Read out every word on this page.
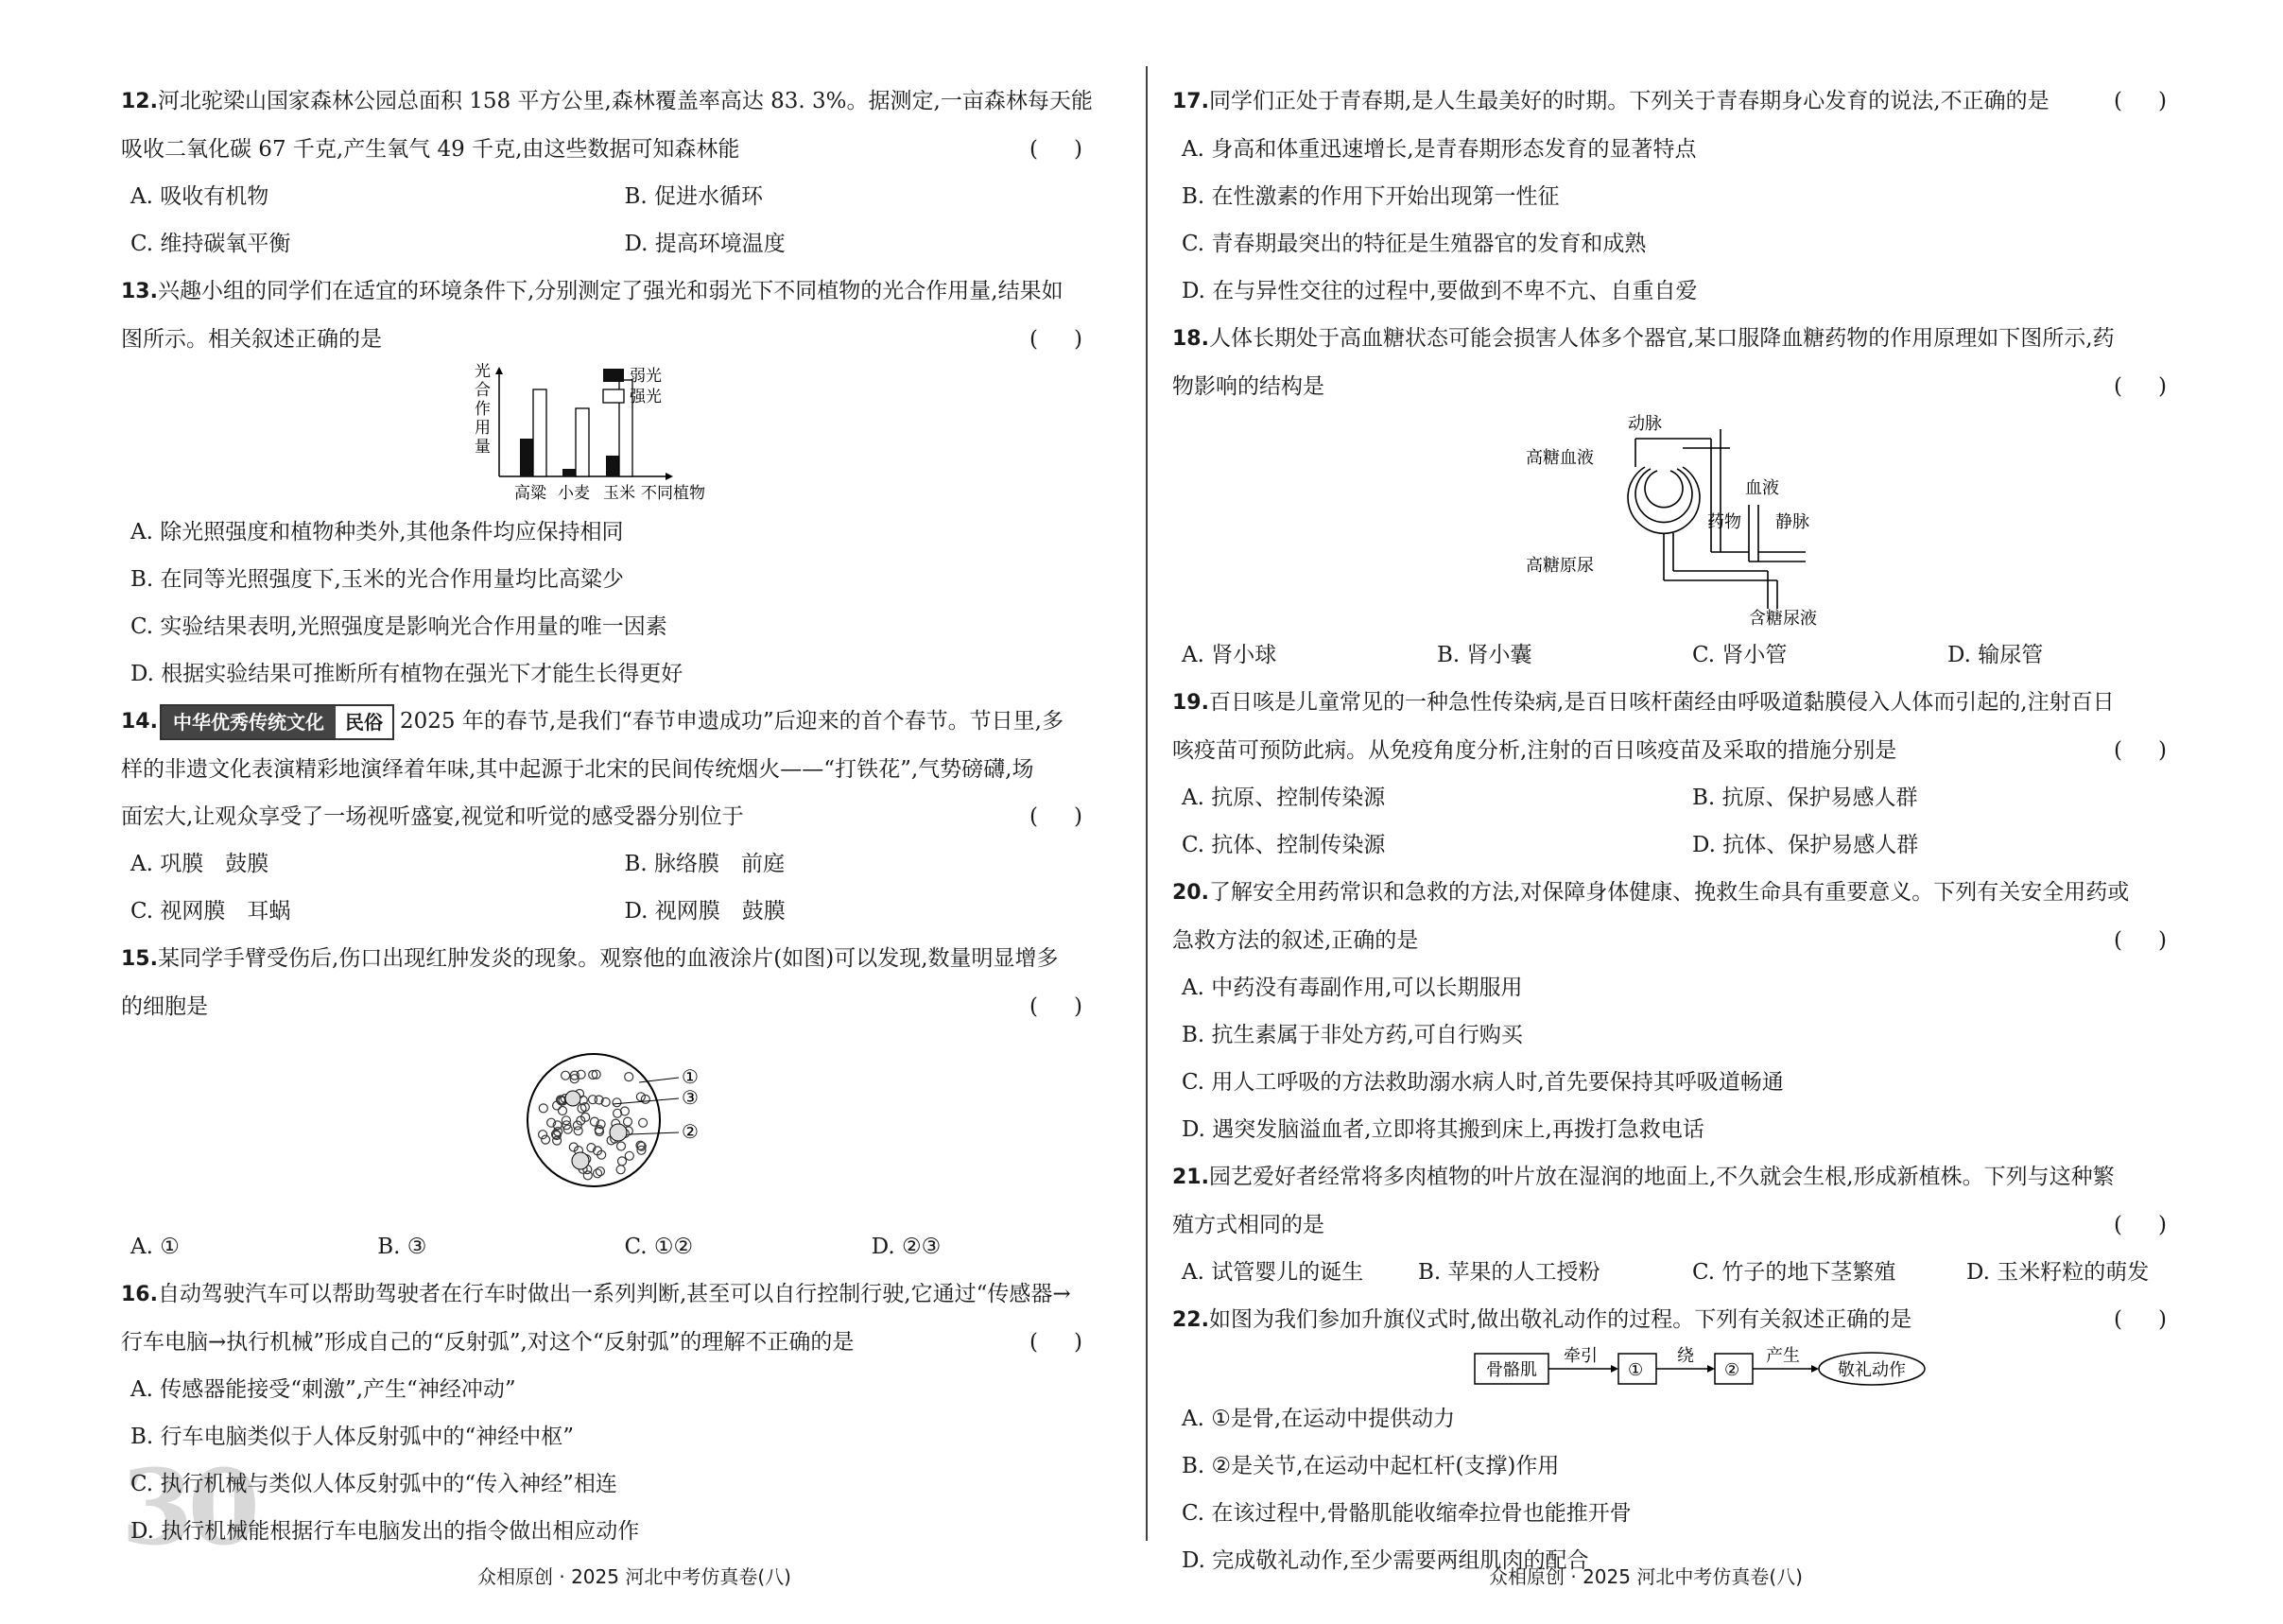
30
12.河北驼梁山国家森林公园总面积 158 平方公里,森林覆盖率高达 83. 3%。据测定,一亩森林每天能
吸收二氧化碳 67 千克,产生氧气 49 千克,由这些数据可知森林能	()
A. 吸收有机物	B. 促进水循环
C. 维持碳氧平衡	D. 提高环境温度
13.兴趣小组的同学们在适宜的环境条件下,分别测定了强光和弱光下不同植物的光合作用量,结果如
图所示。相关叙述正确的是	()
光合作用量
弱光
强光
高粱 小麦 玉米 不同植物
A. 除光照强度和植物种类外,其他条件均应保持相同
B. 在同等光照强度下,玉米的光合作用量均比高粱少
C. 实验结果表明,光照强度是影响光合作用量的唯一因素
D. 根据实验结果可推断所有植物在强光下才能生长得更好
14. 中华优秀传统文化	民俗 2025 年的春节,是我们“春节申遗成功”后迎来的首个春节。节日里,多
样的非遗文化表演精彩地演绎着年味,其中起源于北宋的民间传统烟火——“打铁花”,气势磅礴,场
面宏大,让观众享受了一场视听盛宴,视觉和听觉的感受器分别位于	()
A. 巩膜　鼓膜	B. 脉络膜　前庭
C. 视网膜　耳蜗	D. 视网膜　鼓膜
15.某同学手臂受伤后,伤口出现红肿发炎的现象。观察他的血液涂片(如图)可以发现,数量明显增多
的细胞是	()
①
③
②
A. ①	B. ③	C. ①②	D. ②③
16.自动驾驶汽车可以帮助驾驶者在行车时做出一系列判断,甚至可以自行控制行驶,它通过“传感器→
行车电脑→执行机械”形成自己的“反射弧”,对这个“反射弧”的理解不正确的是	()
A. 传感器能接受“刺激”,产生“神经冲动”
B. 行车电脑类似于人体反射弧中的“神经中枢”
C. 执行机械与类似人体反射弧中的“传入神经”相连
D. 执行机械能根据行车电脑发出的指令做出相应动作
17.同学们正处于青春期,是人生最美好的时期。下列关于青春期身心发育的说法,不正确的是	()
A. 身高和体重迅速增长,是青春期形态发育的显著特点
B. 在性激素的作用下开始出现第一性征
C. 青春期最突出的特征是生殖器官的发育和成熟
D. 在与异性交往的过程中,要做到不卑不亢、自重自爱
18.人体长期处于高血糖状态可能会损害人体多个器官,某口服降血糖药物的作用原理如下图所示,药
物影响的结构是	()
动脉
高糖血液
血液
药物 静脉
高糖原尿
含糖尿液
A. 肾小球	B. 肾小囊	C. 肾小管	D. 输尿管
19.百日咳是儿童常见的一种急性传染病,是百日咳杆菌经由呼吸道黏膜侵入人体而引起的,注射百日
咳疫苗可预防此病。从免疫角度分析,注射的百日咳疫苗及采取的措施分别是	()
A. 抗原、控制传染源	B. 抗原、保护易感人群
C. 抗体、控制传染源	D. 抗体、保护易感人群
20.了解安全用药常识和急救的方法,对保障身体健康、挽救生命具有重要意义。下列有关安全用药或
急救方法的叙述,正确的是	()
A. 中药没有毒副作用,可以长期服用
B. 抗生素属于非处方药,可自行购买
C. 用人工呼吸的方法救助溺水病人时,首先要保持其呼吸道畅通
D. 遇突发脑溢血者,立即将其搬到床上,再拨打急救电话
21.园艺爱好者经常将多肉植物的叶片放在湿润的地面上,不久就会生根,形成新植株。下列与这种繁
殖方式相同的是	()
A. 试管婴儿的诞生	B. 苹果的人工授粉	C. 竹子的地下茎繁殖	D. 玉米籽粒的萌发
22.如图为我们参加升旗仪式时,做出敬礼动作的过程。下列有关叙述正确的是	()
骨骼肌
牵引
①
绕
②
产生
敬礼动作
A. ①是骨,在运动中提供动力
B. ②是关节,在运动中起杠杆(支撑)作用
C. 在该过程中,骨骼肌能收缩牵拉骨也能推开骨
D. 完成敬礼动作,至少需要两组肌肉的配合
众相原创 · 2025 河北中考仿真卷(八)	众相原创 · 2025 河北中考仿真卷(八)
